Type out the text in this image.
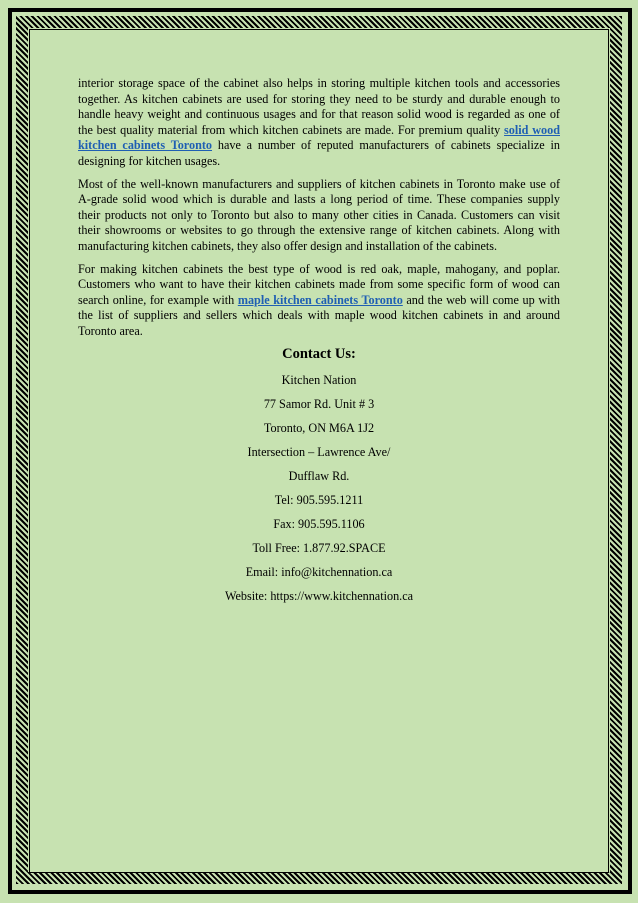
interior storage space of the cabinet also helps in storing multiple kitchen tools and accessories together. As kitchen cabinets are used for storing they need to be sturdy and durable enough to handle heavy weight and continuous usages and for that reason solid wood is regarded as one of the best quality material from which kitchen cabinets are made. For premium quality solid wood kitchen cabinets Toronto have a number of reputed manufacturers of cabinets specialize in designing for kitchen usages.

Most of the well-known manufacturers and suppliers of kitchen cabinets in Toronto make use of A-grade solid wood which is durable and lasts a long period of time. These companies supply their products not only to Toronto but also to many other cities in Canada. Customers can visit their showrooms or websites to go through the extensive range of kitchen cabinets. Along with manufacturing kitchen cabinets, they also offer design and installation of the cabinets.

For making kitchen cabinets the best type of wood is red oak, maple, mahogany, and poplar. Customers who want to have their kitchen cabinets made from some specific form of wood can search online, for example with maple kitchen cabinets Toronto and the web will come up with the list of suppliers and sellers which deals with maple wood kitchen cabinets in and around Toronto area.

Contact Us:
Kitchen Nation
77 Samor Rd. Unit # 3
Toronto, ON M6A 1J2
Intersection – Lawrence Ave/
Dufflaw Rd.
Tel: 905.595.1211
Fax: 905.595.1106
Toll Free: 1.877.92.SPACE
Email: info@kitchennation.ca
Website: https://www.kitchennation.ca
